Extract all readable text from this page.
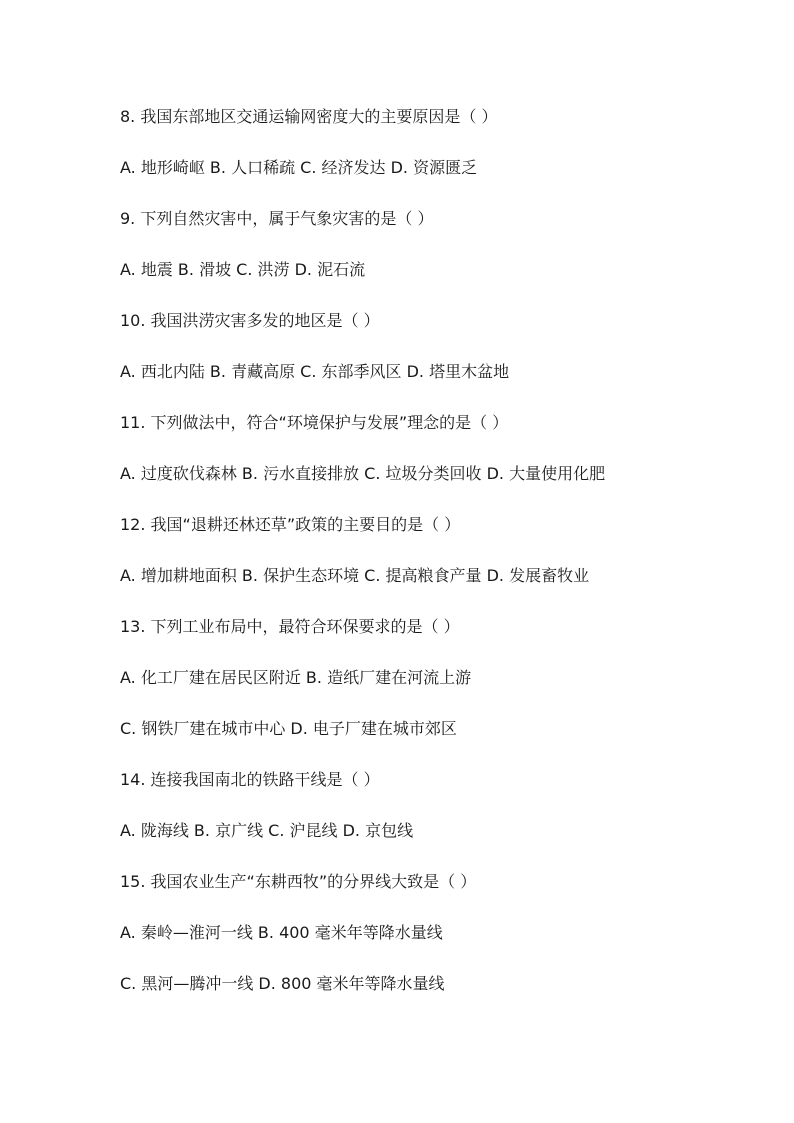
8. 我国东部地区交通运输网密度大的主要原因是（ ）
A. 地形崎岖 B. 人口稀疏 C. 经济发达 D. 资源匮乏
9. 下列自然灾害中，属于气象灾害的是（ ）
A. 地震 B. 滑坡 C. 洪涝 D. 泥石流
10. 我国洪涝灾害多发的地区是（ ）
A. 西北内陆 B. 青藏高原 C. 东部季风区 D. 塔里木盆地
11. 下列做法中，符合“环境保护与发展”理念的是（ ）
A. 过度砍伐森林 B. 污水直接排放 C. 垃圾分类回收 D. 大量使用化肥
12. 我国“退耕还林还草”政策的主要目的是（ ）
A. 增加耕地面积 B. 保护生态环境 C. 提高粮食产量 D. 发展畜牧业
13. 下列工业布局中，最符合环保要求的是（ ）
A. 化工厂建在居民区附近 B. 造纸厂建在河流上游
C. 钢铁厂建在城市中心 D. 电子厂建在城市郊区
14. 连接我国南北的铁路干线是（ ）
A. 陇海线 B. 京广线 C. 沪昆线 D. 京包线
15. 我国农业生产“东耕西牧”的分界线大致是（ ）
A. 秦岭—淮河一线 B. 400 毫米年等降水量线
C. 黑河—腾冲一线 D. 800 毫米年等降水量线
